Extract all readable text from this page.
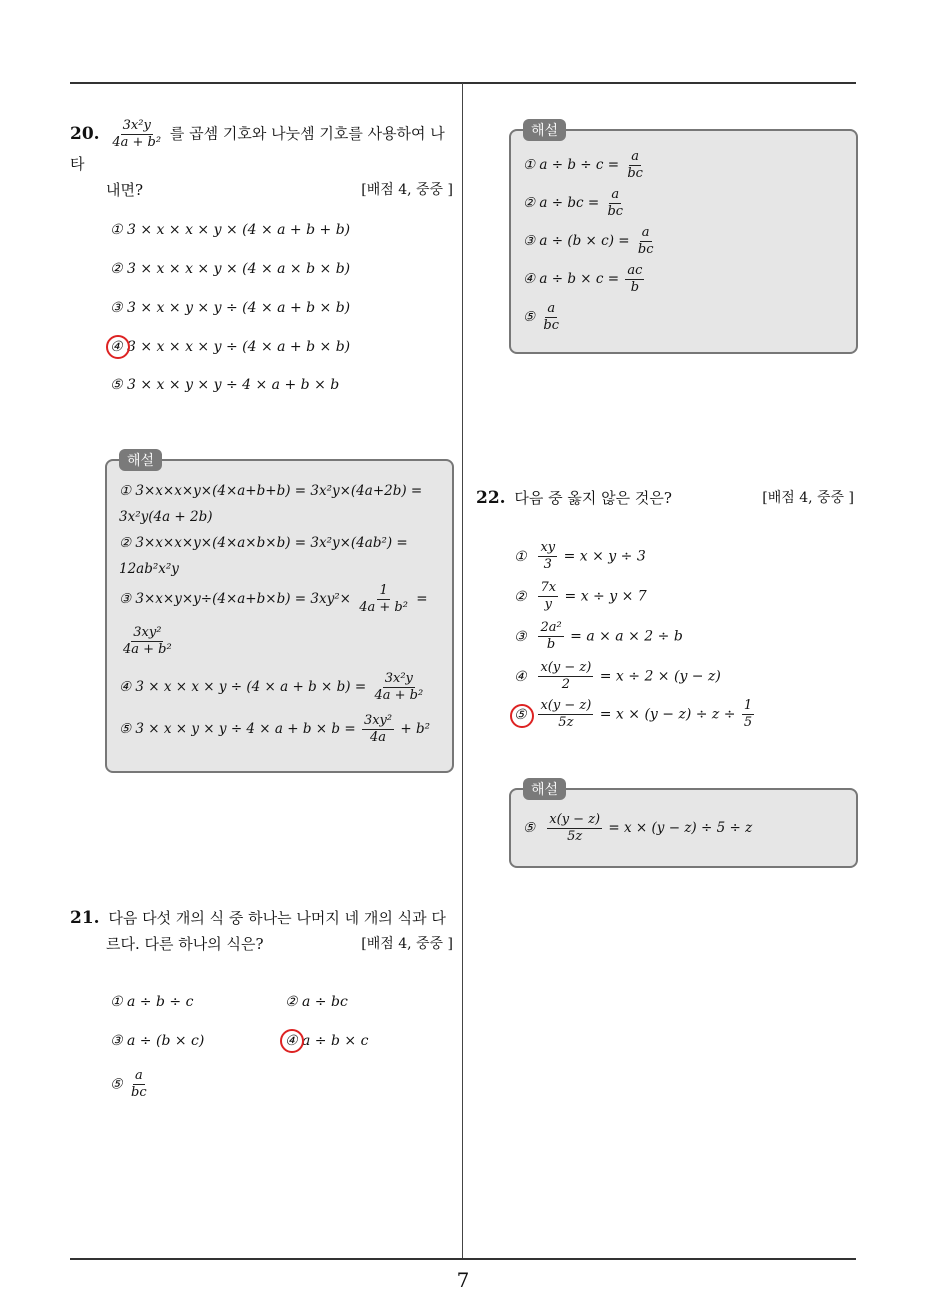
20. $\frac{\text{3x²y}}{\text{4a + b²}}$ 를 곱셈 기호와 나눗셈 기호를 사용하여 나타
내면?	[배점 4, 중중 ]
① 3 × x × x × y × (4 × a + b + b)
② 3 × x × x × y × (4 × a × b × b)
③ 3 × x × y × y ÷ (4 × a + b × b)
④ 3 × x × x × y ÷ (4 × a + b × b)
⑤ 3 × x × y × y ÷ 4 × a + b × b
해설
① 3×x×x×y×(4×a+b+b) = 3x²y×(4a+2b) =
3x²y(4a + 2b)
② 3×x×x×y×(4×a×b×b) = 3x²y×(4ab²) =
12ab²x²y
③ $3\times x\times y\times y\div(4\times a+b\times b) = 3xy^2\times \frac{1}{\text{4a + b²}}$ =
$\frac{\text{3xy²}}{\text{4a + b²}}$
④ $3 \times x \times x \times y \div (4 \times a + b \times b) = \frac{\text{3x²y}}{\text{4a + b²}}$
⑤ $3 \times x \times y \times y \div 4 \times a + b \times b = \frac{\text{3xy²}}{4a} + b^2$
21. 다음 다섯 개의 식 중 하나는 나머지 네 개의 식과 다
르다. 다른 하나의 식은?	[배점 4, 중중 ]
① a ÷ b ÷ c	② a ÷ bc
③ a ÷ (b × c)	④ a ÷ b × c
⑤ $\frac{a}{bc}$
해설
① $a \div b \div c = \frac{a}{bc}$
② a ÷ bc = $\frac{a}{bc}$
③ $a \div (b \times c) = \frac{a}{bc}$
④ $a \div b \times c = \frac{ac}{b}$
⑤ $\frac{a}{bc}$
22. 다음 중 옳지 않은 것은?	[배점 4, 중중 ]
① $\frac{xy}{3} = x \times y \div 3$
② $\frac{7x}{y} = x \div y \times 7$
③ $\frac{\text{2a²}}{b} = a \times a \times 2 \div b$
④ $\frac{x(y - z)}{2} = x \div 2 \times (y - z)$
⑤ $\frac{x(y - z)}{5z} = x \times (y - z) \div z \div \frac{1}{5}$
해설
⑤ $\frac{x(y - z)}{5z} = x \times (y - z) \div 5 \div z$
7
